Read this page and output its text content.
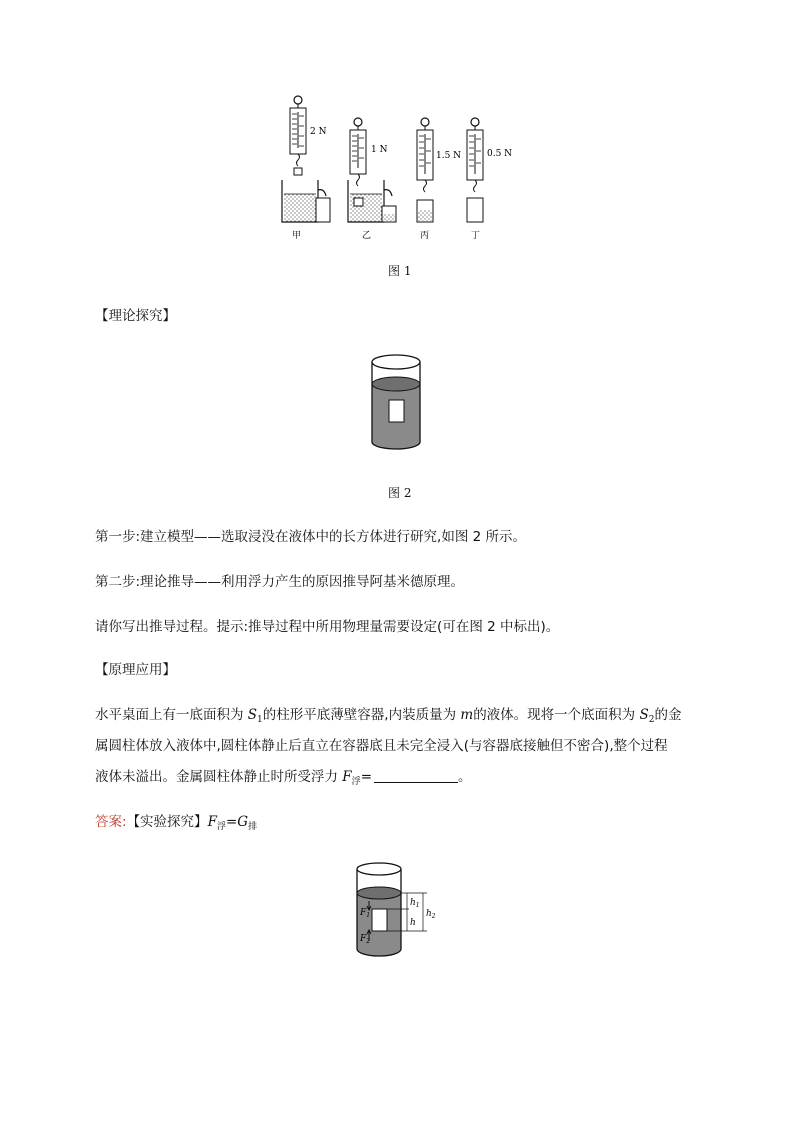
2 N
1 N
1.5 N	0.5 N
甲	乙	丙	丁
图 1
【理论探究】
图 2
第一步:建立模型——选取浸没在液体中的长方体进行研究,如图 2 所示。
第二步:理论推导——利用浮力产生的原因推导阿基米德原理。
请你写出推导过程。提示:推导过程中所用物理量需要设定(可在图 2 中标出)。
【原理应用】
水平桌面上有一底面积为 $S_1$的柱形平底薄壁容器,内装质量为 m的液体。现将一个底面积为 $S_2$的金
属圆柱体放入液体中,圆柱体静止后直立在容器底且未完全浸入(与容器底接触但不密合),整个过程
液体未溢出。金属圆柱体静止时所受浮力 $F_浮=$	。
答案:【实验探究】$F_浮=G_排$
$F_1$
$F_2$
$h_1$
h
$h_2$
